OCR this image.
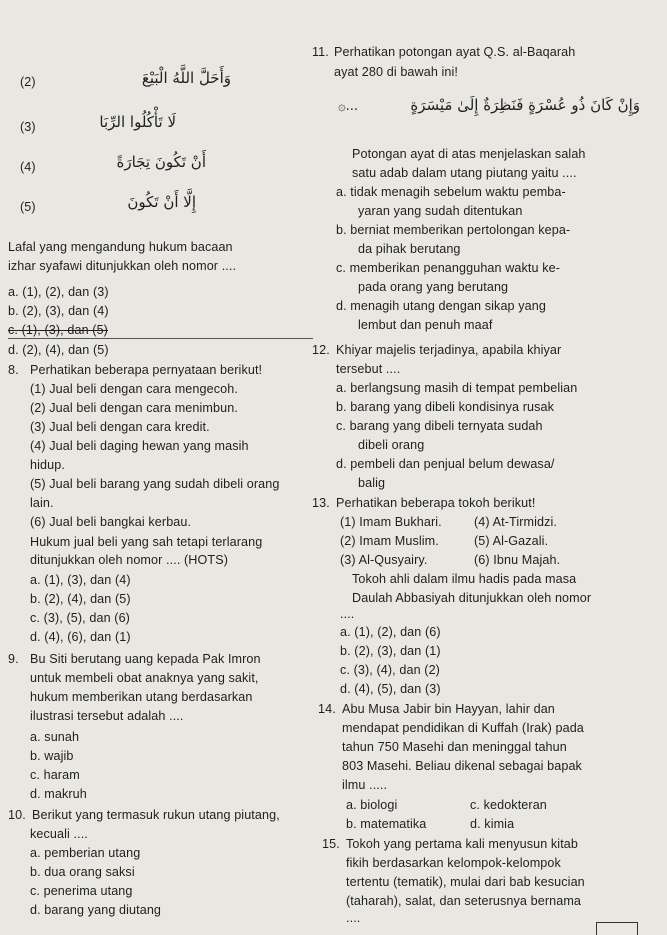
(2)	وَأَحَلَّ اللَّهُ الْبَيْعَ
(3)	لَا تَأْكُلُوا الرِّبَا
(4)	أَنْ تَكُونَ تِجَارَةً
(5)	إِلَّا أَنْ تَكُونَ
Lafal yang mengandung hukum bacaan
izhar syafawi ditunjukkan oleh nomor ....
a. (1), (2), dan (3)
b. (2), (3), dan (4)
c. (1), (3), dan (5)
d. (2), (4), dan (5)
8. Perhatikan beberapa pernyataan berikut!
(1) Jual beli dengan cara mengecoh.
(2) Jual beli dengan cara menimbun.
(3) Jual beli dengan cara kredit.
(4) Jual beli daging hewan yang masih
hidup.
(5) Jual beli barang yang sudah dibeli orang
lain.
(6) Jual beli bangkai kerbau.
Hukum jual beli yang sah tetapi terlarang
ditunjukkan oleh nomor .... (HOTS)
a. (1), (3), dan (4)
b. (2), (4), dan (5)
c. (3), (5), dan (6)
d. (4), (6), dan (1)
9. Bu Siti berutang uang kepada Pak Imron
untuk membeli obat anaknya yang sakit,
hukum memberikan utang berdasarkan
ilustrasi tersebut adalah ....
a. sunah
b. wajib
c. haram
d. makruh
10. Berikut yang termasuk rukun utang piutang,
kecuali ....
a. pemberian utang
b. dua orang saksi
c. penerima utang
d. barang yang diutang
11. Perhatikan potongan ayat Q.S. al-Baqarah
ayat 280 di bawah ini!
۞...	وَإِنْ كَانَ ذُو عُسْرَةٍ فَنَظِرَةٌ إِلَىٰ مَيْسَرَةٍ
Potongan ayat di atas menjelaskan salah
satu adab dalam utang piutang yaitu ....
a. tidak menagih sebelum waktu pemba-
yaran yang sudah ditentukan
b. berniat memberikan pertolongan kepa-
da pihak berutang
c. memberikan penangguhan waktu ke-
pada orang yang berutang
d. menagih utang dengan sikap yang
lembut dan penuh maaf
12. Khiyar majelis terjadinya, apabila khiyar
tersebut ....
a. berlangsung masih di tempat pembelian
b. barang yang dibeli kondisinya rusak
c. barang yang dibeli ternyata sudah
dibeli orang
d. pembeli dan penjual belum dewasa/
balig
13. Perhatikan beberapa tokoh berikut!
(1) Imam Bukhari.	(4) At-Tirmidzi.
(2) Imam Muslim.	(5) Al-Gazali.
(3) Al-Qusyairy.	(6) Ibnu Majah.
Tokoh ahli dalam ilmu hadis pada masa
Daulah Abbasiyah ditunjukkan oleh nomor
....
a. (1), (2), dan (6)
b. (2), (3), dan (1)
c. (3), (4), dan (2)
d. (4), (5), dan (3)
14. Abu Musa Jabir bin Hayyan, lahir dan
mendapat pendidikan di Kuffah (Irak) pada
tahun 750 Masehi dan meninggal tahun
803 Masehi. Beliau dikenal sebagai bapak
ilmu .....
a. biologi	c. kedokteran
b. matematika	d. kimia
15. Tokoh yang pertama kali menyusun kitab
fikih berdasarkan kelompok-kelompok
tertentu (tematik), mulai dari bab kesucian
(taharah), salat, dan seterusnya bernama
....
